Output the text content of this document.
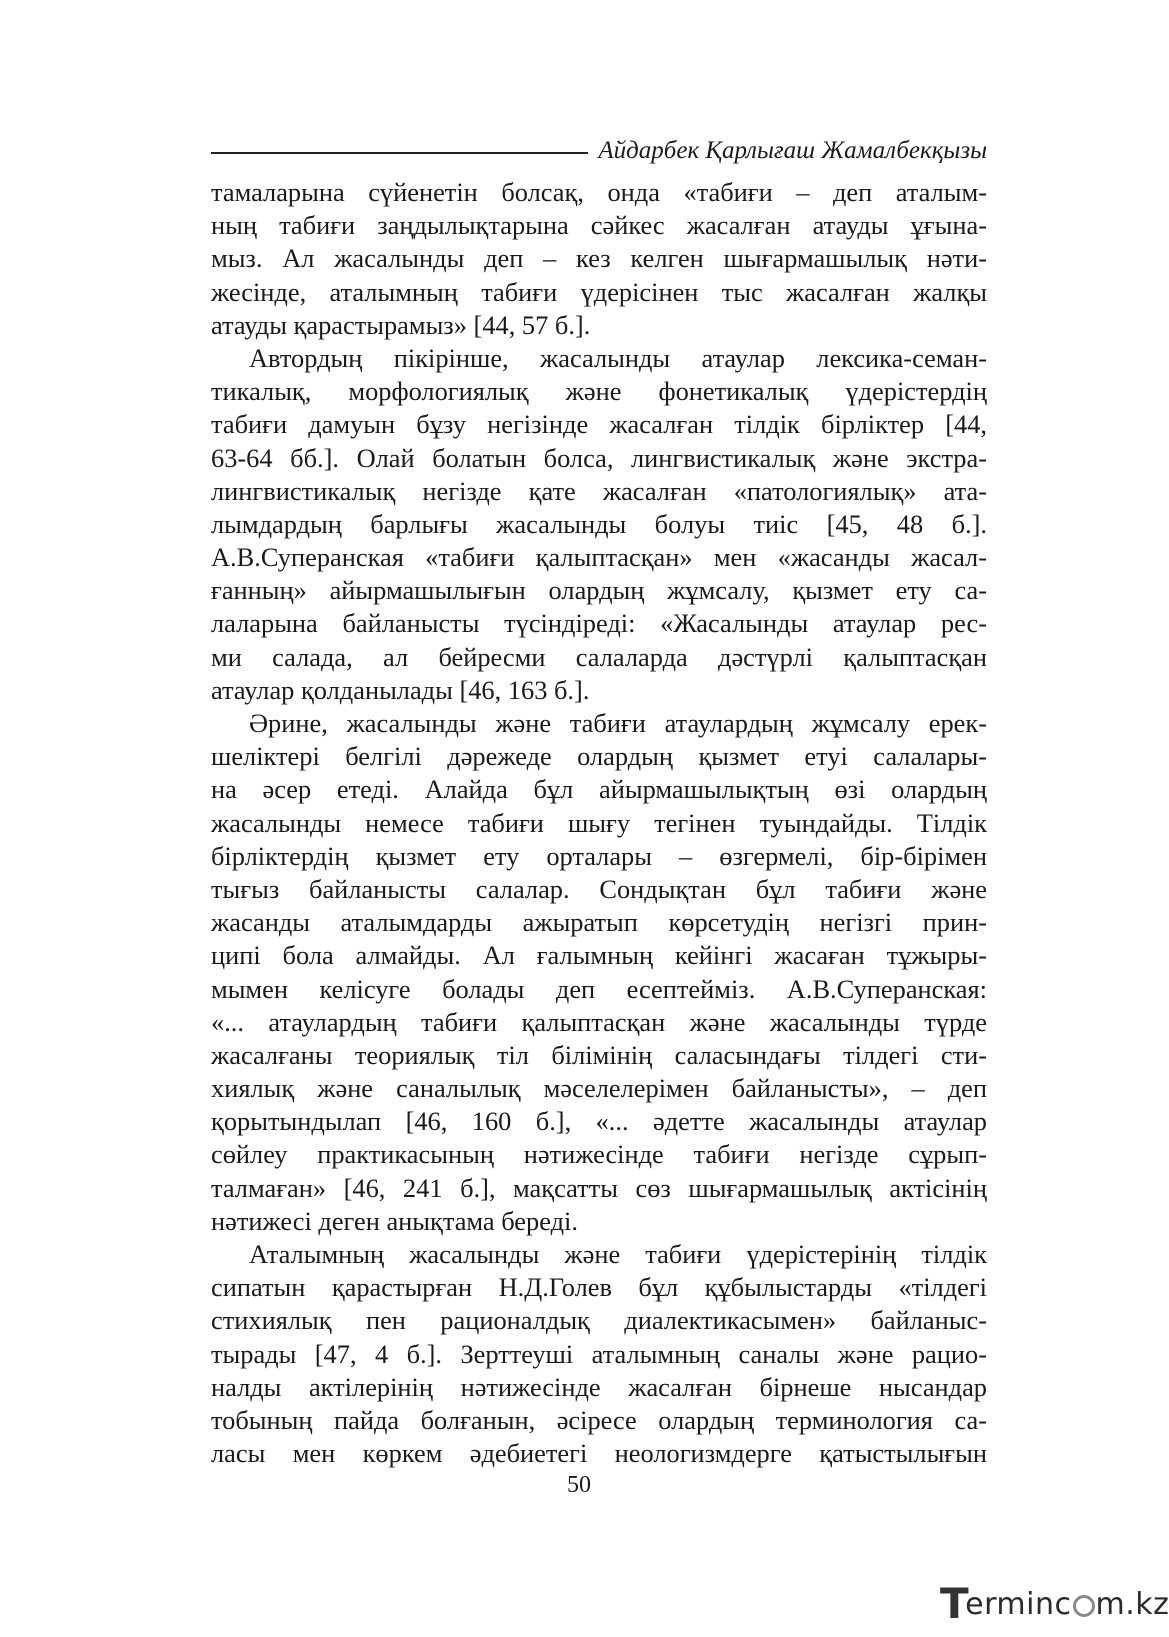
Айдарбек Қарлығаш Жамалбекқызы
тамаларына сүйенетін болсақ, онда «табиғи – деп аталым-
ның табиғи заңдылықтарына сәйкес жасалған атауды ұғына-
мыз. Ал жасалынды деп – кез келген шығармашылық нәти-
жесінде, аталымның табиғи үдерісінен тыс жасалған жалқы
атауды қарастырамыз» [44, 57 б.].
Автордың пікірінше, жасалынды атаулар лексика-семан-
тикалық, морфологиялық және фонетикалық үдерістердің
табиғи дамуын бұзу негізінде жасалған тілдік бірліктер [44,
63-64 бб.]. Олай болатын болса, лингвистикалық және экстра-
лингвистикалық негізде қате жасалған «патологиялық» ата-
лымдардың барлығы жасалынды болуы тиіс [45, 48 б.].
А.В.Суперанская «табиғи қалыптасқан» мен «жасанды жасал-
ғанның» айырмашылығын олардың жұмсалу, қызмет ету са-
лаларына байланысты түсіндіреді: «Жасалынды атаулар рес-
ми салада, ал бейресми салаларда дәстүрлі қалыптасқан
атаулар қолданылады [46, 163 б.].
Әрине, жасалынды және табиғи атаулардың жұмсалу ерек-
шеліктері белгілі дәрежеде олардың қызмет етуі салалары-
на әсер етеді. Алайда бұл айырмашылықтың өзі олардың
жасалынды немесе табиғи шығу тегінен туындайды. Тілдік
бірліктердің қызмет ету орталары – өзгермелі, бір-бірімен
тығыз байланысты салалар. Сондықтан бұл табиғи және
жасанды аталымдарды ажыратып көрсетудің негізгі прин-
ципі бола алмайды. Ал ғалымның кейінгі жасаған тұжыры-
мымен келісуге болады деп есептейміз. А.В.Суперанская:
«... атаулардың табиғи қалыптасқан және жасалынды түрде
жасалғаны теориялық тіл білімінің саласындағы тілдегі сти-
хиялық және саналылық мәселелерімен байланысты», – деп
қорытындылап [46, 160 б.], «... әдетте жасалынды атаулар
сөйлеу практикасының нәтижесінде табиғи негізде сұрып-
талмаған» [46, 241 б.], мақсатты сөз шығармашылық актісінің
нәтижесі деген анықтама береді.
Аталымның жасалынды және табиғи үдерістерінің тілдік
сипатын қарастырған Н.Д.Голев бұл құбылыстарды «тілдегі
стихиялық пен рационалдық диалектикасымен» байланыс-
тырады [47, 4 б.]. Зерттеуші аталымның саналы және рацио-
налды актілерінің нәтижесінде жасалған бірнеше нысандар
тобының пайда болғанын, әсіресе олардың терминология са-
ласы мен көркем әдебиетегі неологизмдерге қатыстылығын
50
T
erminc m.kz
